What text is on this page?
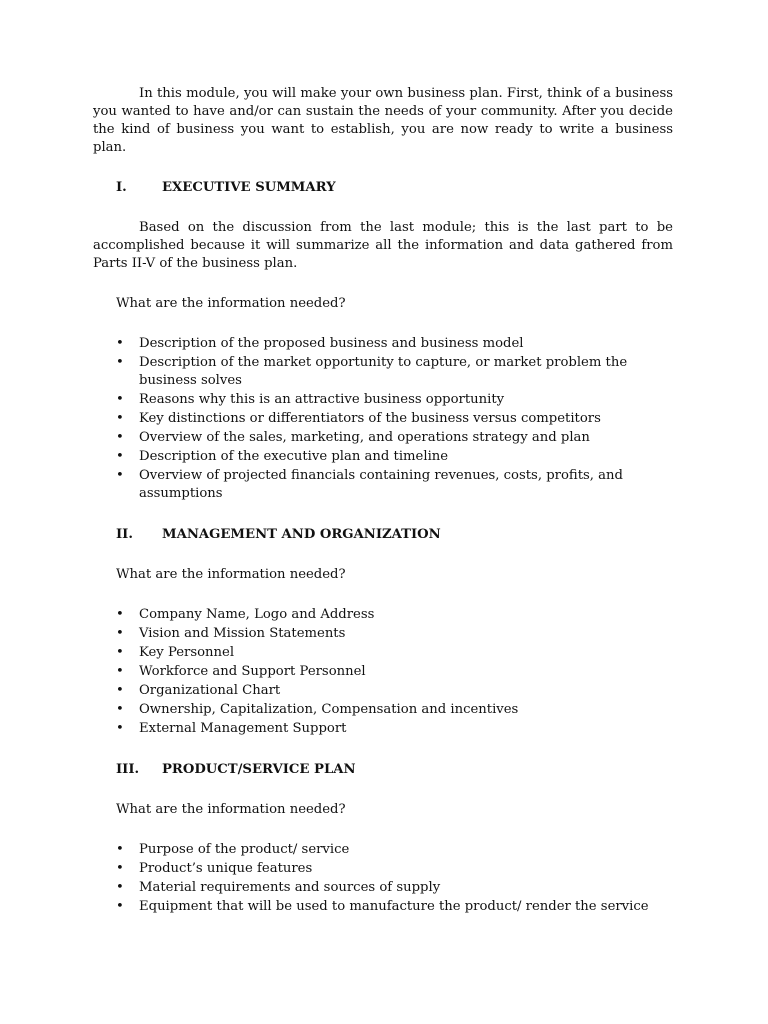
In this module, you will make your own business plan. First, think of a business you wanted to have and/or can sustain the needs of your community. After you decide the kind of business you want to establish, you are now ready to write a business plan.

I.	EXECUTIVE SUMMARY

Based on the discussion from the last module; this is the last part to be accomplished because it will summarize all the information and data gathered from Parts II-V of the business plan.

What are the information needed?

• Description of the proposed business and business model
• Description of the market opportunity to capture, or market problem the business solves
• Reasons why this is an attractive business opportunity
• Key distinctions or differentiators of the business versus competitors
• Overview of the sales, marketing, and operations strategy and plan
• Description of the executive plan and timeline
• Overview of projected financials containing revenues, costs, profits, and assumptions
II. MANAGEMENT AND ORGANIZATION

What are the information needed?

• Company Name, Logo and Address
• Vision and Mission Statements
• Key Personnel
• Workforce and Support Personnel
• Organizational Chart
• Ownership, Capitalization, Compensation and incentives
• External Management Support
III. PRODUCT/SERVICE PLAN

What are the information needed?

• Purpose of the product/ service
• Product’s unique features
• Material requirements and sources of supply
• Equipment that will be used to manufacture the product/ render the service
